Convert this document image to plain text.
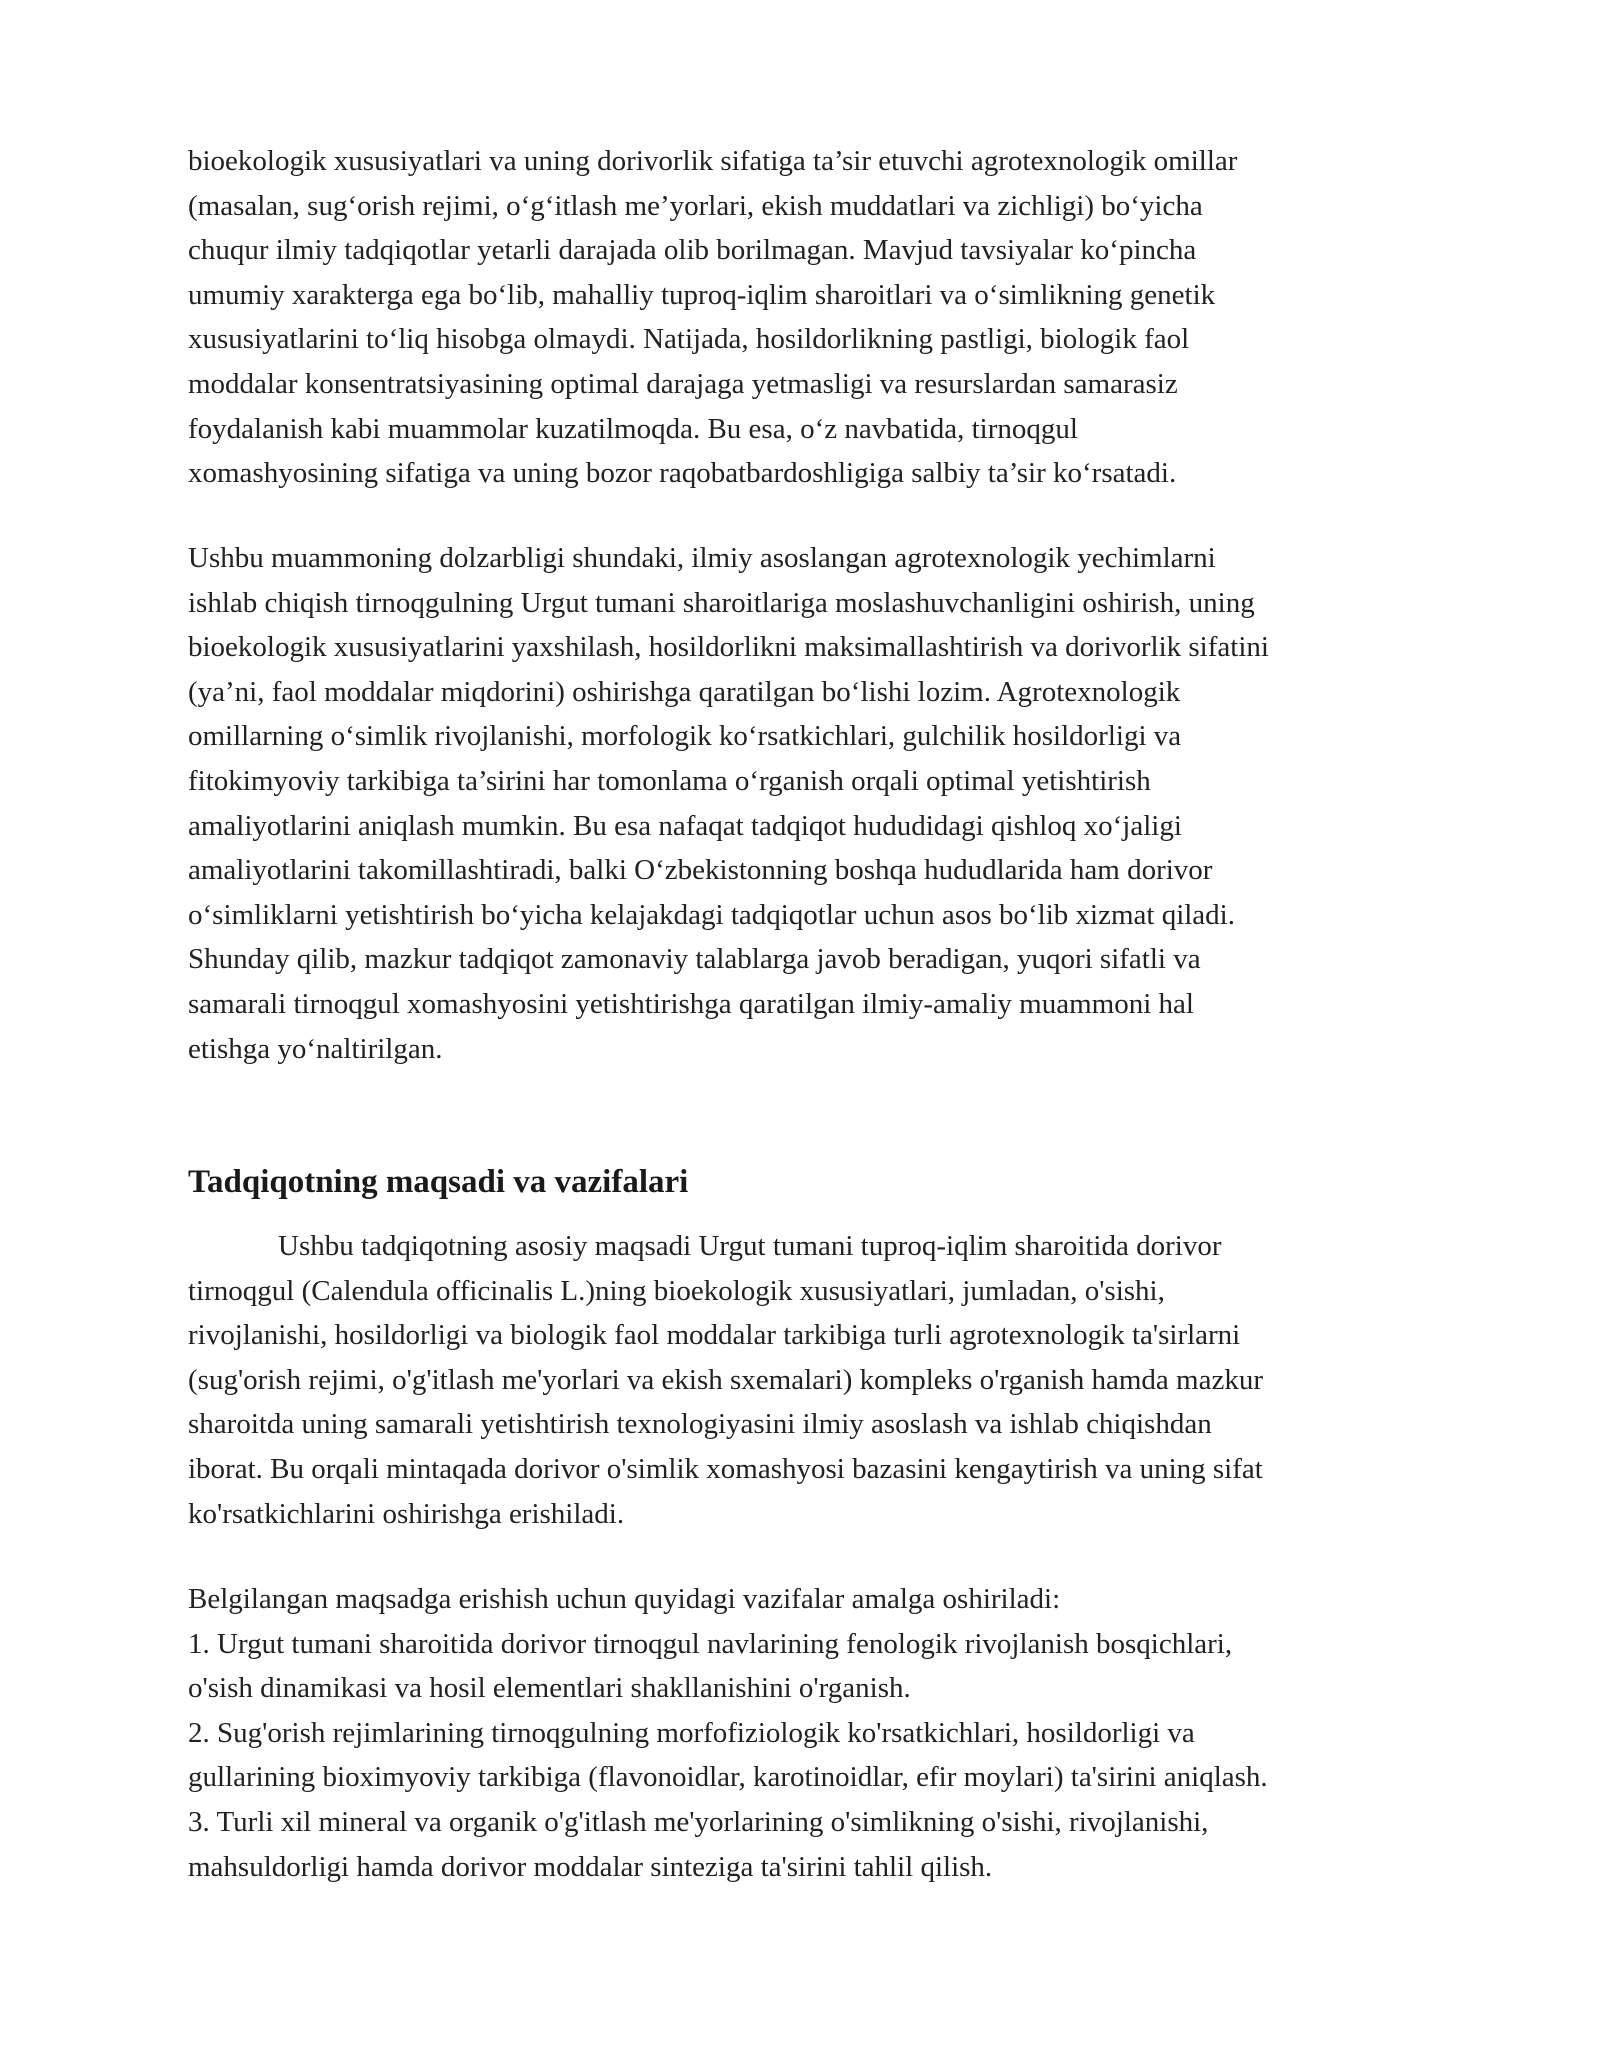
bioekologik xususiyatlari va uning dorivorlik sifatiga ta’sir etuvchi agrotexnologik omillar
(masalan, sug‘orish rejimi, o‘g‘itlash me’yorlari, ekish muddatlari va zichligi) bo‘yicha
chuqur ilmiy tadqiqotlar yetarli darajada olib borilmagan. Mavjud tavsiyalar ko‘pincha
umumiy xarakterga ega bo‘lib, mahalliy tuproq-iqlim sharoitlari va o‘simlikning genetik
xususiyatlarini to‘liq hisobga olmaydi. Natijada, hosildorlikning pastligi, biologik faol
moddalar konsentratsiyasining optimal darajaga yetmasligi va resurslardan samarasiz
foydalanish kabi muammolar kuzatilmoqda. Bu esa, o‘z navbatida, tirnoqgul
xomashyosining sifatiga va uning bozor raqobatbardoshligiga salbiy ta’sir ko‘rsatadi.

Ushbu muammoning dolzarbligi shundaki, ilmiy asoslangan agrotexnologik yechimlarni
ishlab chiqish tirnoqgulning Urgut tumani sharoitlariga moslashuvchanligini oshirish, uning
bioekologik xususiyatlarini yaxshilash, hosildorlikni maksimallashtirish va dorivorlik sifatini
(ya’ni, faol moddalar miqdorini) oshirishga qaratilgan bo‘lishi lozim. Agrotexnologik
omillarning o‘simlik rivojlanishi, morfologik ko‘rsatkichlari, gulchilik hosildorligi va
fitokimyoviy tarkibiga ta’sirini har tomonlama o‘rganish orqali optimal yetishtirish
amaliyotlarini aniqlash mumkin. Bu esa nafaqat tadqiqot hududidagi qishloq xo‘jaligi
amaliyotlarini takomillashtiradi, balki O‘zbekistonning boshqa hududlarida ham dorivor
o‘simliklarni yetishtirish bo‘yicha kelajakdagi tadqiqotlar uchun asos bo‘lib xizmat qiladi.
Shunday qilib, mazkur tadqiqot zamonaviy talablarga javob beradigan, yuqori sifatli va
samarali tirnoqgul xomashyosini yetishtirishga qaratilgan ilmiy-amaliy muammoni hal
etishga yo‘naltirilgan.

Tadqiqotning maqsadi va vazifalari

Ushbu tadqiqotning asosiy maqsadi Urgut tumani tuproq-iqlim sharoitida dorivor
tirnoqgul (Calendula officinalis L.)ning bioekologik xususiyatlari, jumladan, o'sishi,
rivojlanishi, hosildorligi va biologik faol moddalar tarkibiga turli agrotexnologik ta'sirlarni
(sug'orish rejimi, o'g'itlash me'yorlari va ekish sxemalari) kompleks o'rganish hamda mazkur
sharoitda uning samarali yetishtirish texnologiyasini ilmiy asoslash va ishlab chiqishdan
iborat. Bu orqali mintaqada dorivor o'simlik xomashyosi bazasini kengaytirish va uning sifat
ko'rsatkichlarini oshirishga erishiladi.

Belgilangan maqsadga erishish uchun quyidagi vazifalar amalga oshiriladi:
1. Urgut tumani sharoitida dorivor tirnoqgul navlarining fenologik rivojlanish bosqichlari,
o'sish dinamikasi va hosil elementlari shakllanishini o'rganish.
2. Sug'orish rejimlarining tirnoqgulning morfofiziologik ko'rsatkichlari, hosildorligi va
gullarining bioximyoviy tarkibiga (flavonoidlar, karotinoidlar, efir moylari) ta'sirini aniqlash.
3. Turli xil mineral va organik o'g'itlash me'yorlarining o'simlikning o'sishi, rivojlanishi,
mahsuldorligi hamda dorivor moddalar sinteziga ta'sirini tahlil qilish.
